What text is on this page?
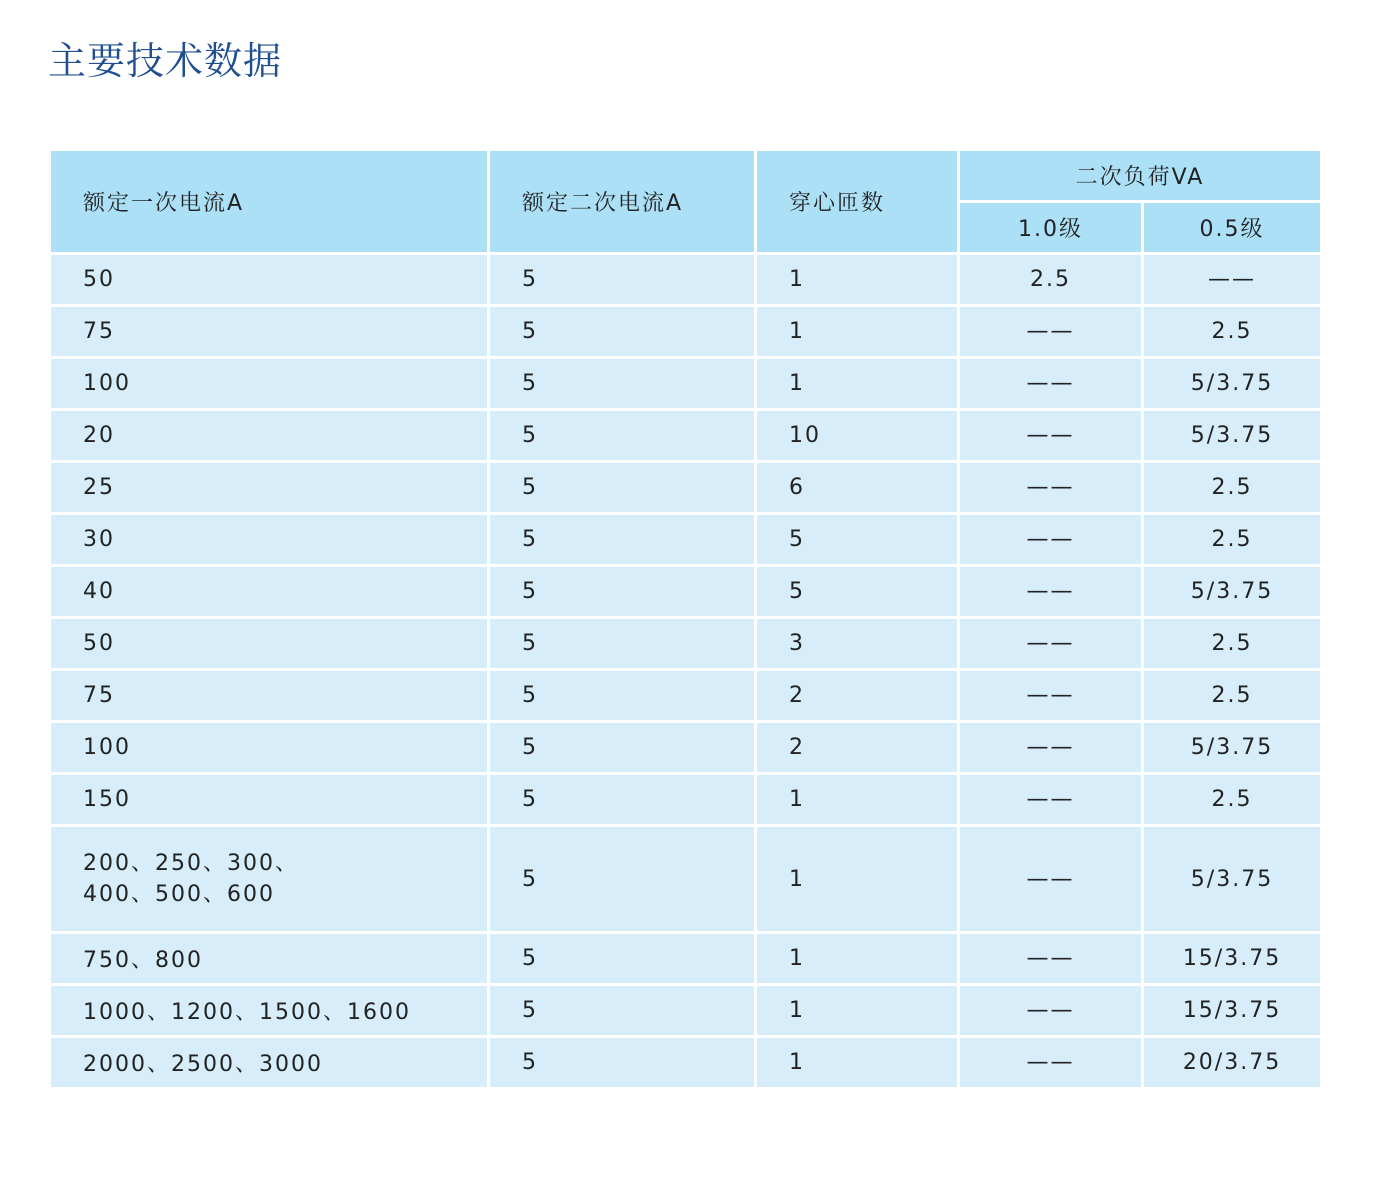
主要技术数据
额定一次电流A	额定二次电流A	穿心匝数	二次负荷VA	
			1.0级	0.5级
50	5	1	2.5	——
75	5	1	——	2.5
100	5	1	——	5/3.75
20	5	10	——	5/3.75
25	5	6	——	2.5
30	5	5	——	2.5
40	5	5	——	5/3.75
50	5	3	——	2.5
75	5	2	——	2.5
100	5	2	——	5/3.75
150	5	1	——	2.5
200、250、300、
400、500、600	5	1	——	5/3.75
750、800	5	1	——	15/3.75
1000、1200、1500、1600	5	1	——	15/3.75
2000、2500、3000	5	1	——	20/3.75
